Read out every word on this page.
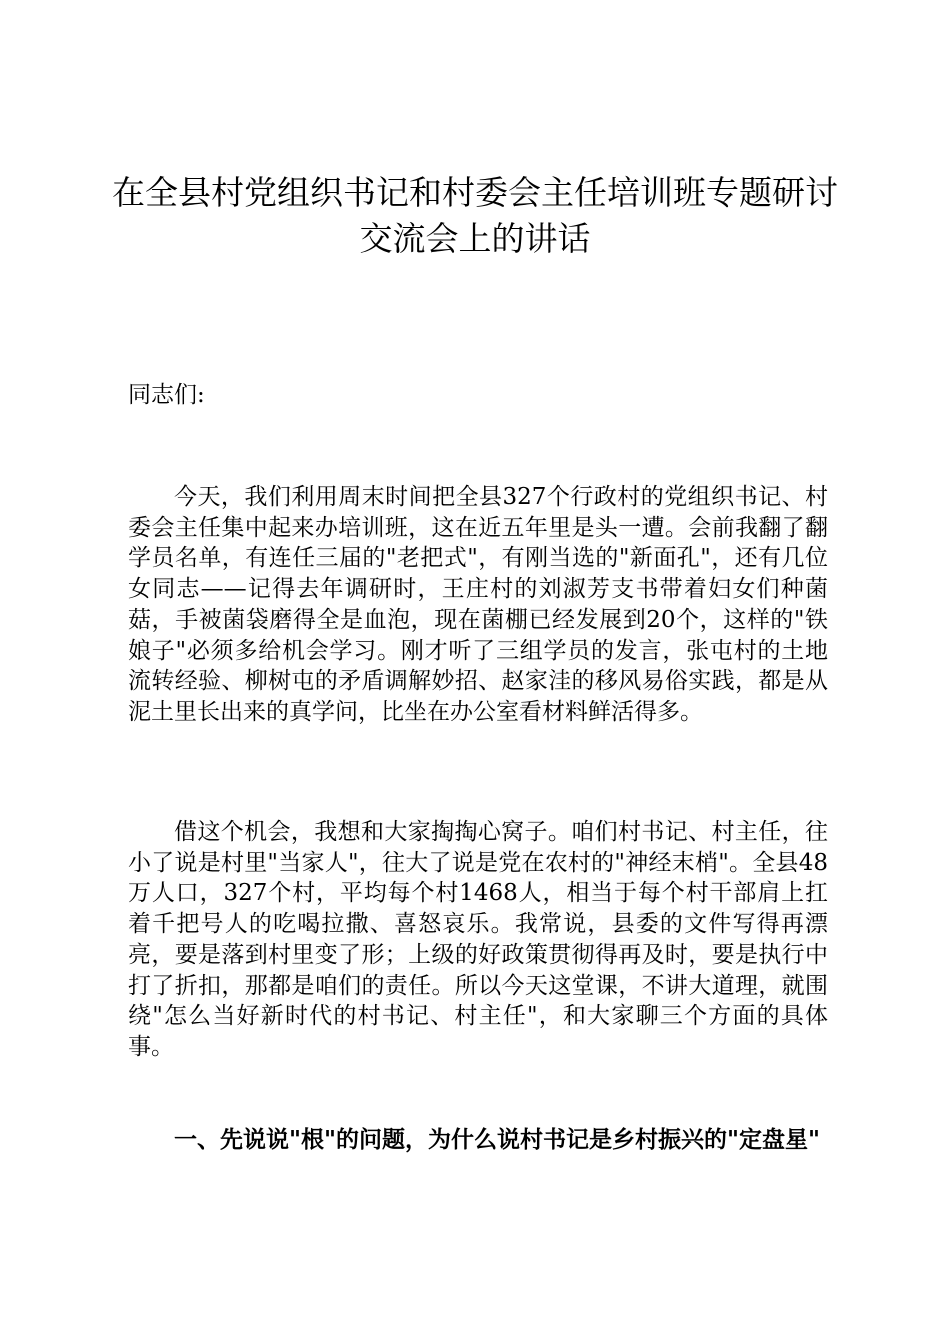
在全县村党组织书记和村委会主任培训班专题研讨交流会上的讲话

同志们:

今天，我们利用周末时间把全县327个行政村的党组织书记、村委会主任集中起来办培训班，这在近五年里是头一遭。会前我翻了翻学员名单，有连任三届的"老把式"，有刚当选的"新面孔"，还有几位女同志——记得去年调研时，王庄村的刘淑芳支书带着妇女们种菌菇，手被菌袋磨得全是血泡，现在菌棚已经发展到20个，这样的"铁娘子"必须多给机会学习。刚才听了三组学员的发言，张屯村的土地流转经验、柳树屯的矛盾调解妙招、赵家洼的移风易俗实践，都是从泥土里长出来的真学问，比坐在办公室看材料鲜活得多。

借这个机会，我想和大家掏掏心窝子。咱们村书记、村主任，往小了说是村里"当家人"，往大了说是党在农村的"神经末梢"。全县48万人口，327个村，平均每个村1468人，相当于每个村干部肩上扛着千把号人的吃喝拉撒、喜怒哀乐。我常说，县委的文件写得再漂亮，要是落到村里变了形；上级的好政策贯彻得再及时，要是执行中打了折扣，那都是咱们的责任。所以今天这堂课，不讲大道理，就围绕"怎么当好新时代的村书记、村主任"，和大家聊三个方面的具体事。

一、先说说"根"的问题，为什么说村书记是乡村振兴的"定盘星"
